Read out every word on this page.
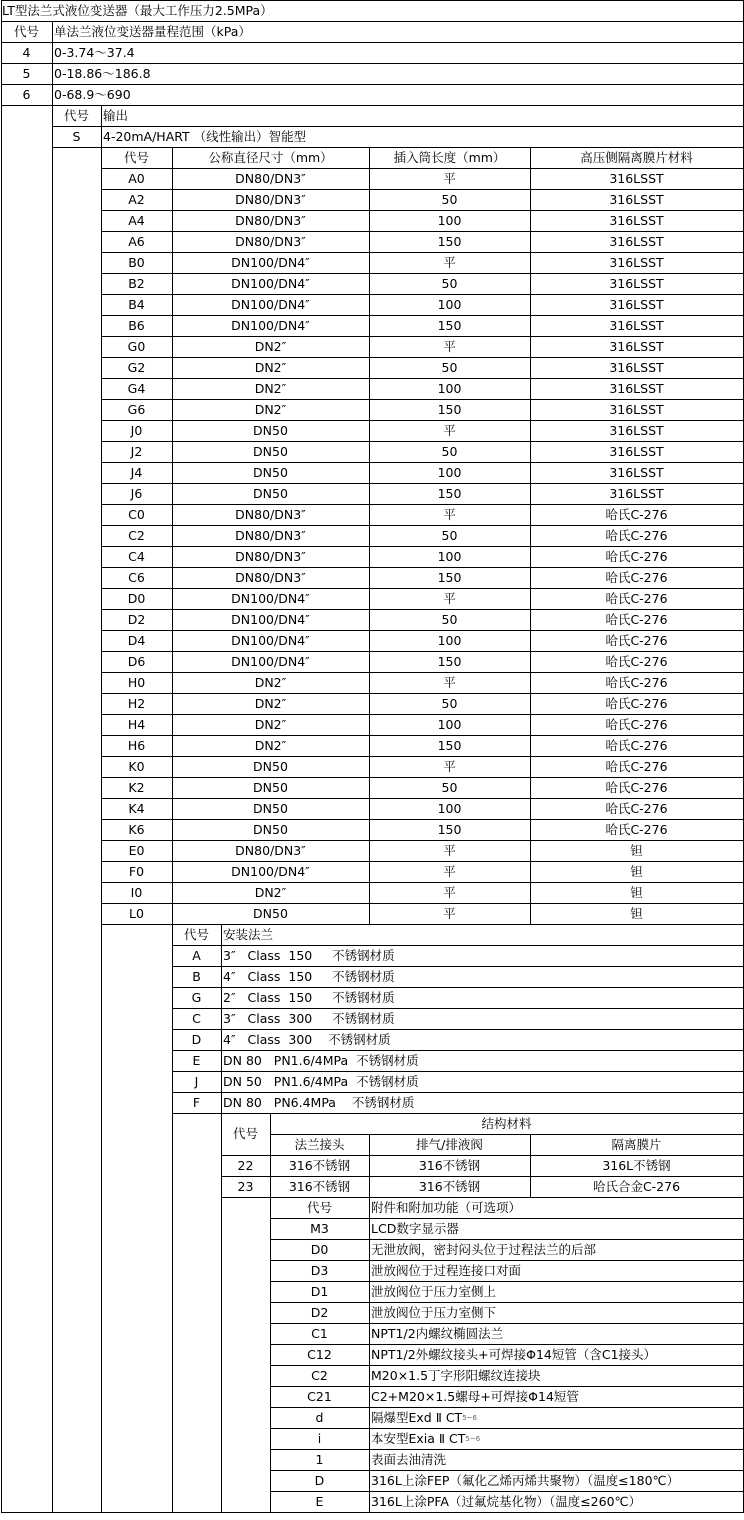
LT型法兰式液位变送器（最大工作压力2.5MPa）
代号 单法兰液位变送器量程范围（kPa）
4 0-3.74～37.4
5 0-18.86～186.8
6 0-68.9～690
代号 输出
S 4-20mA/HART （线性输出）智能型
代号	公称直径尺寸（mm）	插入筒长度（mm）	高压侧隔离膜片材料
A0	DN80/DN3″	平	316LSST
A2	DN80/DN3″	50	316LSST
A4	DN80/DN3″	100	316LSST
A6	DN80/DN3″	150	316LSST
B0	DN100/DN4″	平	316LSST
B2	DN100/DN4″	50	316LSST
B4	DN100/DN4″	100	316LSST
B6	DN100/DN4″	150	316LSST
G0	DN2″	平	316LSST
G2	DN2″	50	316LSST
G4	DN2″	100	316LSST
G6	DN2″	150	316LSST
J0	DN50	平	316LSST
J2	DN50	50	316LSST
J4	DN50	100	316LSST
J6	DN50	150	316LSST
C0	DN80/DN3″	平	哈氏C-276
C2	DN80/DN3″	50	哈氏C-276
C4	DN80/DN3″	100	哈氏C-276
C6	DN80/DN3″	150	哈氏C-276
D0	DN100/DN4″	平	哈氏C-276
D2	DN100/DN4″	50	哈氏C-276
D4	DN100/DN4″	100	哈氏C-276
D6	DN100/DN4″	150	哈氏C-276
H0	DN2″	平	哈氏C-276
H2	DN2″	50	哈氏C-276
H4	DN2″	100	哈氏C-276
H6	DN2″	150	哈氏C-276
K0	DN50	平	哈氏C-276
K2	DN50	50	哈氏C-276
K4	DN50	100	哈氏C-276
K6	DN50	150	哈氏C-276
E0	DN80/DN3″	平	钽
F0	DN100/DN4″	平	钽
I0	DN2″	平	钽
L0	DN50	平	钽
代号 安装法兰
A 3″   Class  150     不锈钢材质
B 4″   Class  150     不锈钢材质
G 2″   Class  150     不锈钢材质
C 3″   Class  300     不锈钢材质
D 4″   Class  300    不锈钢材质
E DN 80   PN1.6/4MPa  不锈钢材质
J DN 50   PN1.6/4MPa  不锈钢材质
F DN 80   PN6.4MPa    不锈钢材质
代号
结构材料
法兰接头	排气/排液阀	隔离膜片
22	316不锈钢	316不锈钢	316L不锈钢
23	316不锈钢	316不锈钢	哈氏合金C-276
代号	附件和附加功能（可选项）
M3	LCD数字显示器
D0	无泄放阀，密封闷头位于过程法兰的后部
D3	泄放阀位于过程连接口对面
D1	泄放阀位于压力室侧上
D2	泄放阀位于压力室侧下
C1	NPT1/2内螺纹椭圆法兰
C12	NPT1/2外螺纹接头+可焊接Φ14短管（含C1接头）
C2	M20×1.5丁字形阳螺纹连接块
C21	C2+M20×1.5螺母+可焊接Φ14短管
d	隔爆型Exd Ⅱ CT 5~6
i	本安型Exia Ⅱ CT 5~6
1	表面去油清洗
D	316L上涂FEP（氟化乙烯丙烯共聚物）（温度≤180℃）
E	316L上涂PFA（过氟烷基化物）（温度≤260℃）
